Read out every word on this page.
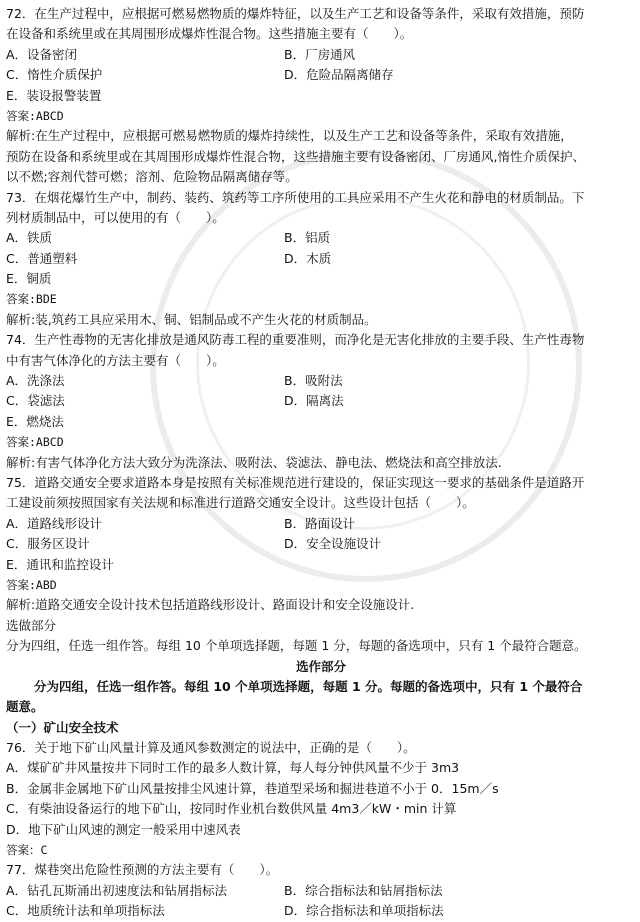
72．在生产过程中，应根据可燃易燃物质的爆炸特征，以及生产工艺和设备等条件，采取有效措施，预防
在设备和系统里或在其周围形成爆炸性混合物。这些措施主要有（　　）。
A．设备密闭	B．厂房通风
C．惰性介质保护	D．危险品隔离储存
E．装设报警装置
答案:ABCD
解析:在生产过程中，应根据可燃易燃物质的爆炸持续性，以及生产工艺和设备等条件，采取有效措施，
预防在设备和系统里或在其周围形成爆炸性混合物，这些措施主要有设备密闭、厂房通风,惰性介质保护、
以不燃;容剂代替可燃；溶剂、危险物品隔离储存等。
73．在烟花爆竹生产中，制药、装药、筑药等工序所使用的工具应采用不产生火花和静电的材质制品。下
列材质制品中，可以使用的有（　　）。
A．铁质	B．铝质
C．普通塑料	D．木质
E．铜质
答案:BDE
解析:装,筑药工具应采用木、铜、铝制品或不产生火花的材质制品。
74．生产性毒物的无害化排放是通风防毒工程的重要准则，而净化是无害化排放的主要手段、生产性毒物
中有害气体净化的方法主要有（　　）。
A．洗涤法	B．吸附法
C．袋滤法	D．隔离法
E．燃烧法
答案:ABCD
解析:有害气体净化方法大致分为洗涤法、吸附法、袋滤法、静电法、燃烧法和高空排放法.
75．道路交通安全要求道路本身是按照有关标准规范进行建设的，保证实现这一要求的基础条件是道路开
工建设前须按照国家有关法规和标准进行道路交通安全设计。这些设计包括（　　）。
A．道路线形设计	B．路面设计
C．服务区设计	D．安全设施设计
E．通讯和监控设计
答案:ABD
解析:道路交通安全设计技术包括道路线形设计、路面设计和安全设施设计.
选做部分
分为四组，任选一组作答。每组 10 个单项选择题，每题 1 分，每题的备选项中，只有 1 个最符合题意。
选作部分
分为四组，任选一组作答。每组 10 个单项选择题，每题 1 分。每题的备选项中，只有 1 个最符合
题意。
（一）矿山安全技术
76．关于地下矿山风量计算及通风参数测定的说法中，正确的是（　　）。
A．煤矿矿井风量按井下同时工作的最多人数计算，每人每分钟供风量不少于 3m3
B．金属非金属地下矿山风量按排尘风速计算，巷道型采场和掘进巷道不小于 0．15m／s
C．有柴油设备运行的地下矿山，按同时作业机台数供风量 4m3／kW・min 计算
D．地下矿山风速的测定一般采用中速风表
答案：C
77．煤巷突出危险性预测的方法主要有（　　）。
A．钻孔瓦斯涌出初速度法和钻屑指标法	B．综合指标法和钻屑指标法
C．地质统计法和单项指标法	D．综合指标法和单项指标法
